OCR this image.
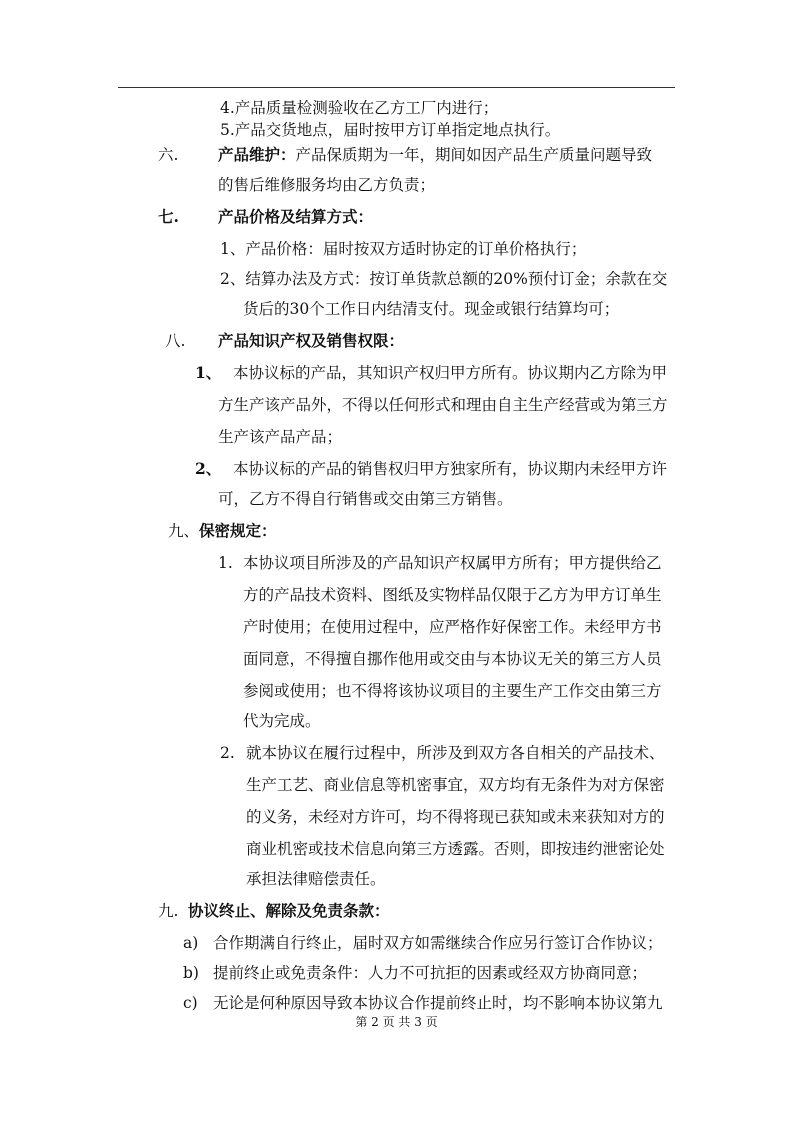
4.产品质量检测验收在乙方工厂内进行；
5.产品交货地点，届时按甲方订单指定地点执行。
六.	产品维护：产品保质期为一年，期间如因产品生产质量问题导致
的售后维修服务均由乙方负责；
七.	产品价格及结算方式：
1、产品价格：届时按双方适时协定的订单价格执行；
2、结算办法及方式：按订单货款总额的20%预付订金；余款在交
货后的30个工作日内结清支付。现金或银行结算均可；
八. 产品知识产权及销售权限：
1、 本协议标的产品，其知识产权归甲方所有。协议期内乙方除为甲
方生产该产品外，不得以任何形式和理由自主生产经营或为第三方
生产该产品产品；
2、 本协议标的产品的销售权归甲方独家所有，协议期内未经甲方许
可，乙方不得自行销售或交由第三方销售。
九、保密规定：
1. 本协议项目所涉及的产品知识产权属甲方所有；甲方提供给乙
方的产品技术资料、图纸及实物样品仅限于乙方为甲方订单生
产时使用；在使用过程中，应严格作好保密工作。未经甲方书
面同意，不得擅自挪作他用或交由与本协议无关的第三方人员
参阅或使用；也不得将该协议项目的主要生产工作交由第三方
代为完成。
2. 就本协议在履行过程中，所涉及到双方各自相关的产品技术、
生产工艺、商业信息等机密事宜，双方均有无条件为对方保密
的义务，未经对方许可，均不得将现已获知或未来获知对方的
商业机密或技术信息向第三方透露。否则，即按违约泄密论处
承担法律赔偿责任。
九. 协议终止、解除及免责条款：
a) 合作期满自行终止，届时双方如需继续合作应另行签订合作协议；
b) 提前终止或免责条件：人力不可抗拒的因素或经双方协商同意；
c) 无论是何种原因导致本协议合作提前终止时，均不影响本协议第九
第 2 页 共 3 页
